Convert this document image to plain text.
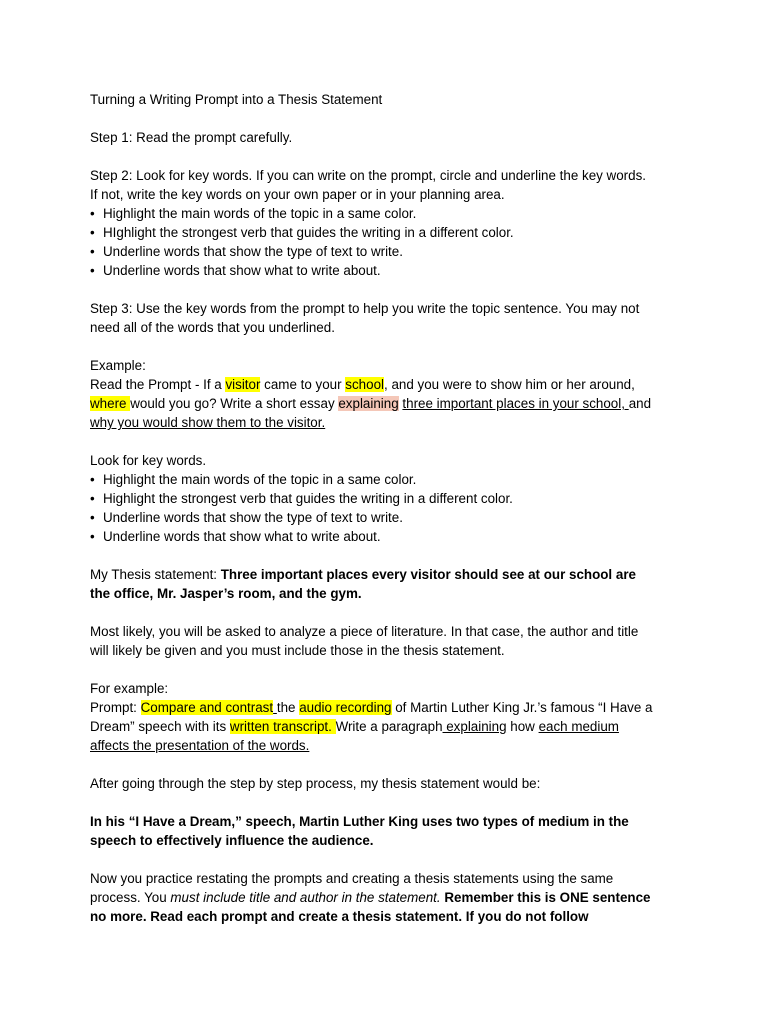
Turning a Writing Prompt into a Thesis Statement
Step 1: Read the prompt carefully.
Step 2: Look for key words. If you can write on the prompt, circle and underline the key words.
If not, write the key words on your own paper or in your planning area.
• Highlight the main words of the topic in a same color.
• HIghlight the strongest verb that guides the writing in a different color.
• Underline words that show the type of text to write.
• Underline words that show what to write about.
Step 3: Use the key words from the prompt to help you write the topic sentence. You may not
need all of the words that you underlined.
Example:
Read the Prompt - If a visitor came to your school, and you were to show him or her around,
where would you go? Write a short essay explaining three important places in your school, and
why you would show them to the visitor.
Look for key words.
• Highlight the main words of the topic in a same color.
• Highlight the strongest verb that guides the writing in a different color.
• Underline words that show the type of text to write.
• Underline words that show what to write about.
My Thesis statement: Three important places every visitor should see at our school are
the office, Mr. Jasper’s room, and the gym.
Most likely, you will be asked to analyze a piece of literature. In that case, the author and title
will likely be given and you must include those in the thesis statement.
For example:
Prompt: Compare and contrast the audio recording of Martin Luther King Jr.’s famous “I Have a
Dream” speech with its written transcript. Write a paragraph explaining how each medium
affects the presentation of the words.
After going through the step by step process, my thesis statement would be:
In his “I Have a Dream,” speech, Martin Luther King uses two types of medium in the
speech to effectively influence the audience.
Now you practice restating the prompts and creating a thesis statements using the same
process. You must include title and author in the statement. Remember this is ONE sentence
no more. Read each prompt and create a thesis statement. If you do not follow
